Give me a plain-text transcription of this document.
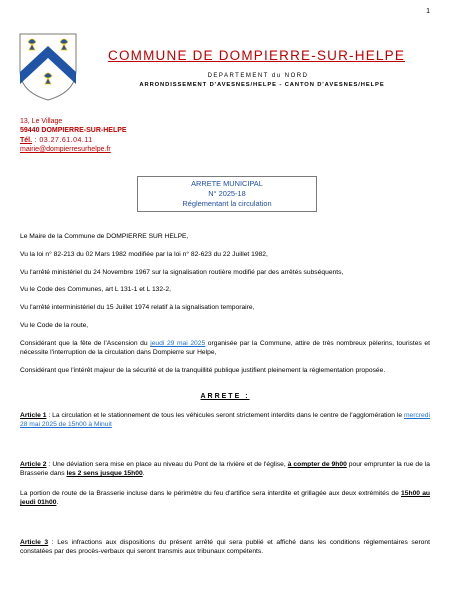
1
COMMUNE DE DOMPIERRE-SUR-HELPE
DEPARTEMENT du NORD
ARRONDISSEMENT D'AVESNES/HELPE - CANTON D'AVESNES/HELPE
13, Le Village
59440 DOMPIERRE-SUR-HELPE
Tél. : 03.27.61.04.11
mairie@dompierresurhelpe.fr
ARRETE MUNICIPAL
N° 2025-18
Réglementant la circulation

Le Maire de la Commune de DOMPIERRE SUR HELPE,

Vu la loi n° 82-213 du 02 Mars 1982 modifiée par la loi n° 82-623 du 22 Juillet 1982,

Vu l'arrêté ministériel du 24 Novembre 1967 sur la signalisation routière modifié par des arrêtés subséquents,

Vu le Code des Communes, art L 131-1 et L 132-2,

Vu l'arrêté interministériel du 15 Juillet 1974 relatif à la signalisation temporaire,

Vu le Code de la route,

Considérant que la fête de l'Ascension du jeudi 29 mai 2025 organisée par la Commune, attire de très nombreux pèlerins, touristes et nécessite l'interruption de la circulation dans Dompierre sur Helpe,

Considérant que l'intérêt majeur de la sécurité et de la tranquillité publique justifient pleinement la réglementation proposée.

ARRETE :

Article 1 : La circulation et le stationnement de tous les véhicules seront strictement interdits dans le centre de l'agglomération le mercredi 28 mai 2025 de 15h00 à Minuit

Article 2 : Une déviation sera mise en place au niveau du Pont de la rivière et de l'église, à compter de 9h00 pour emprunter la rue de la Brasserie dans les 2 sens jusque 15h00.

La portion de route de la Brasserie incluse dans le périmètre du feu d'artifice sera interdite et grillagée aux deux extrémités de 15h00 au jeudi 01h00.

Article 3 : Les infractions aux dispositions du présent arrêté qui sera publié et affiché dans les conditions réglementaires seront constatées par des procès-verbaux qui seront transmis aux tribunaux compétents.
